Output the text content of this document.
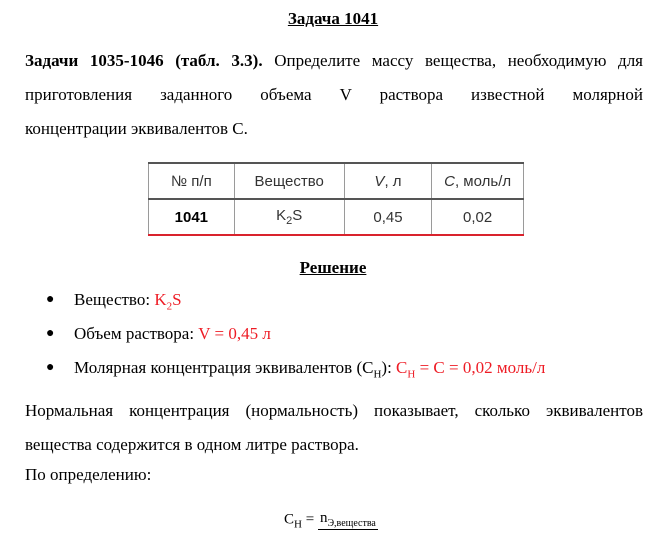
Задача 1041
Задачи 1035-1046 (табл. 3.3). Определите массу вещества, необходимую для
приготовления заданного объема V раствора известной молярной
концентрации эквивалентов С.
№ п/п	Вещество	V, л	C, моль/л
1041	$K_2S$	0,45	0,02
Решение
● Вещество: $K_2S$
● Объем раствора: V = 0,45 л
● Молярная концентрация эквивалентов $(C_H)$: $C_H = C = 0,02$ моль/л
Нормальная концентрация (нормальность) показывает, сколько эквивалентов
вещества содержится в одном литре раствора.
По определению:
$C_H = n_{Э,вещества}$
